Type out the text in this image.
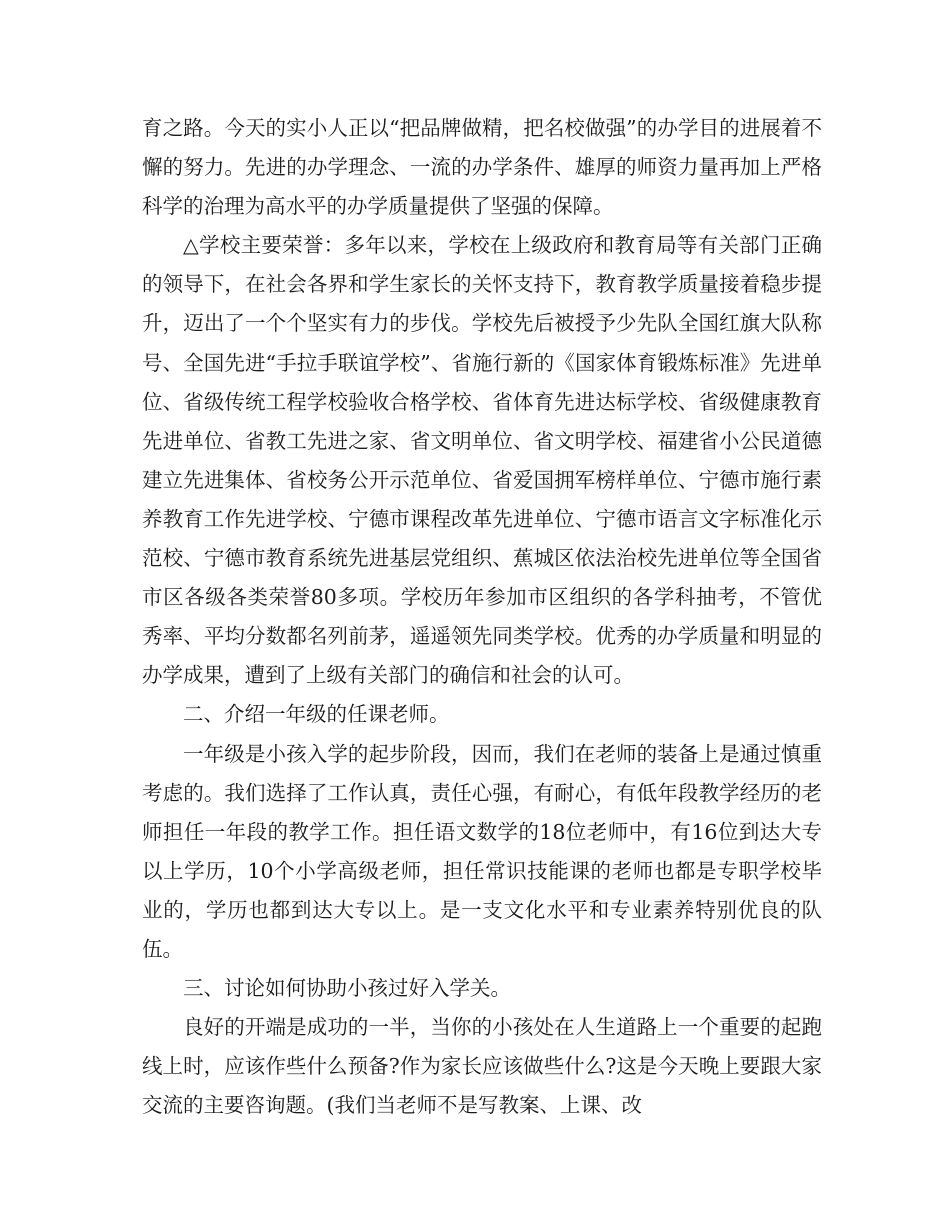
育之路。今天的实小人正以“把品牌做精，把名校做强”的办学目的进展着不懈的努力。先进的办学理念、一流的办学条件、雄厚的师资力量再加上严格科学的治理为高水平的办学质量提供了坚强的保障。

△学校主要荣誉：多年以来，学校在上级政府和教育局等有关部门正确的领导下，在社会各界和学生家长的关怀支持下，教育教学质量接着稳步提升，迈出了一个个坚实有力的步伐。学校先后被授予少先队全国红旗大队称号、全国先进“手拉手联谊学校”、省施行新的《国家体育锻炼标准》先进单位、省级传统工程学校验收合格学校、省体育先进达标学校、省级健康教育先进单位、省教工先进之家、省文明单位、省文明学校、福建省小公民道德建立先进集体、省校务公开示范单位、省爱国拥军榜样单位、宁德市施行素养教育工作先进学校、宁德市课程改革先进单位、宁德市语言文字标准化示范校、宁德市教育系统先进基层党组织、蕉城区依法治校先进单位等全国省市区各级各类荣誉80多项。学校历年参加市区组织的各学科抽考，不管优秀率、平均分数都名列前茅，遥遥领先同类学校。优秀的办学质量和明显的办学成果，遭到了上级有关部门的确信和社会的认可。

二、介绍一年级的任课老师。

一年级是小孩入学的起步阶段，因而，我们在老师的装备上是通过慎重考虑的。我们选择了工作认真，责任心强，有耐心，有低年段教学经历的老师担任一年段的教学工作。担任语文数学的18位老师中，有16位到达大专以上学历，10个小学高级老师，担任常识技能课的老师也都是专职学校毕业的，学历也都到达大专以上。是一支文化水平和专业素养特别优良的队伍。

三、讨论如何协助小孩过好入学关。

良好的开端是成功的一半，当你的小孩处在人生道路上一个重要的起跑线上时，应该作些什么预备?作为家长应该做些什么?这是今天晚上要跟大家交流的主要咨询题。(我们当老师不是写教案、上课、改
